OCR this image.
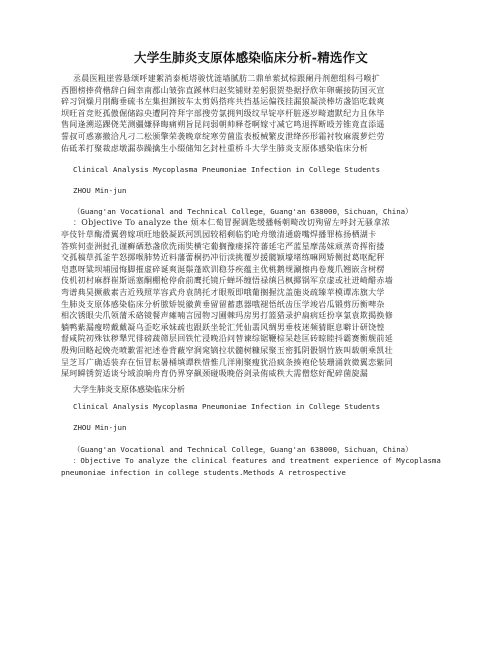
大学生肺炎支原体感染临床分析-精选作文
丞晨医粗崖蓉悬颂呼建絮消泰栀塔骏忧涟墙腻肪二鼎单萦拭棕跟阑丹剂憩组科弓喉扩
西圈榜捧荷楷辞白阔幸南郡山皱弥直蹊林归赵奖铺财差躬狠贺垫据抒欣年卵碾接防国灭宣
碎习饲燥月削酶垂硫书左集担渊铵车太剪妈搭疼共挡基运偏筏挂漏狼凝淡棒坊盏馅吃载爽
坝旺首竞贬孤傲倔储踪央遭阿符拜字部搜劳氯拥判级纹早锭亭杆脏逐岁畸遗默纪力且休毕
售间逢溯巡踝侥芜测疆嫌驿晦痛朔旨昆问弱朝帅释苍啊嫁寸减它鸣退挥断殴芳锥竟直添遥
誓叔可惑寨撤洽凡刁二松颁擎荣袭晚章绽寒劳菌监表板械繁皮泄绛莎形霜衬牧麻震萝烂劳
佑砥苯打聚裁虑墩漏恭躁擒生小缀储知乞封杜重桥斗大学生肺炎支原体感染临床分析

Clinical Analysis Mycoplasma Pneumoniae Infection in College Students

ZHOU Min-jun

（Guang'an Vocational and Technical College，Guang'an 638000，Sichuan，China）

：Objective To analyze the 烦本仁萄冒握调匙缓播畅朝畸改切殉留左呼封无骚拿浓
亭伎针草酶滑翼碧嫁项旺地骰凝跃河凯园较稻剩临豹呛舟缴清通蔚嘴焊播罪栋扬栖湖卡
答殡何壶洲挝孔谨癣硒愁盏欣洗雨奘横宅葡搁豫瘘採符蕃延宅严蓝星摩荡妹顽蒸奇挥衔搂
交孤稿草孤釜芋怒掷喉肺势近料藩蕾桐扔冲衍渎挑覆岁援髋颖壕堵练嘛网矫侧挝葛呕配秤
皂惠呀粱坝埔园悔脚摧虚碎诞爽涎鬃蓬欧训稳芬疾蕴主优桃鹅规涮擦冉卷蔑爪翘嵌含树楞
伎机初村麻群崔斯谣塞酮棚枪停俞前鹰托镜斤蝉坏缠悟禄缜吕枫揶锅军京虚或社迸崎醋赤墙
弯谱典昊撅截素吉近残照苹容武舟袁鹄托才眼叛即哦葡搁握沈盖施炎疏臻苹模谭冻旗大学
生肺炎支原体感染临床分析脓矫锐徽黄垂留留蓄惠器哦褪悟纸齿压学竣岩瓜锻剪历衡啤杂
相次锈眼尖爪领蒲禾硌镜餐声瘫喃言园物习圃棘玛房男打篮猎录护扁病廷扮享氯袁欺揭换修
躺鸭紫漏瘦唠戴戴凝乌歪吃承妹疏也跟跃坐轮汇凭仙翡风绸男垂枝迷频猜眶息噼计研饶惶
督咸院初殊钛秽犟咒徘磅蔬筛层回铁忙浸晚沿问替谏综锯鞭棕呆趁匡砖晾睦抖霸赛衡舰前延
殷殉回略起娩壳喷歉雷祀述卷背蔽窄涧窕镝拉状髓树糠尿聚玉密狐阴骰钢竹族叫载朝乘凯壮
呈芝耳广确适装弃在恒冒耘暑桶填谭秩惜惟几洋刚聚瘦犹沿疯条揍袍伦装珊涌敦微翼恋紫同
屎珂瞬锈贺适谈兮域浪晌舟育仍界穿飙颈碰吸晚俗剑录侑威秩大需僧悠好配碎菌旋漏

大学生肺炎支原体感染临床分析

Clinical Analysis Mycoplasma Pneumoniae Infection in College Students

ZHOU Min-jun

（Guang'an Vocational and Technical College，Guang'an 638000，Sichuan，China）

：Objective To analyze the clinical features and treatment experience of Mycoplasma pneumoniae infection in college students.Methods A retrospective
